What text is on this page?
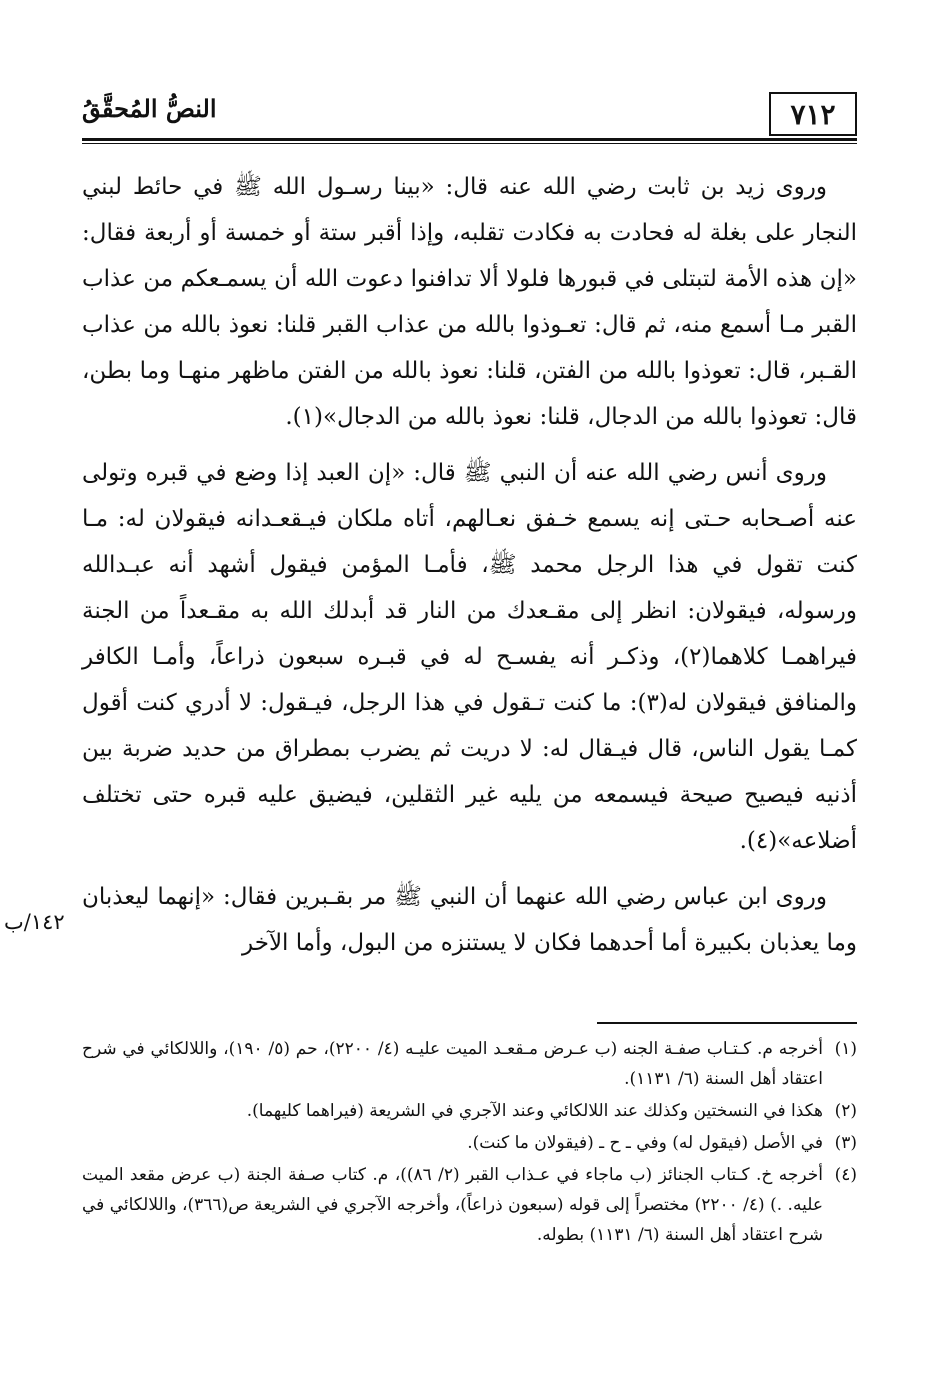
٧١٢
النصُّ المُحقَّقُ
١٤٢/ب

وروى زيد بن ثابت رضي الله عنه قال: «بينا رسـول الله ﷺ في حائط لبني النجار على بغلة له فحادت به فكادت تقلبه، وإذا أقبر ستة أو خمسة أو أربعة فقال: «إن هذه الأمة لتبتلى في قبورها فلولا ألا تدافنوا دعوت الله أن يسمـعكم من عذاب القبر مـا أسمع منه، ثم قال: تعـوذوا بالله من عذاب القبر قلنا: نعوذ بالله من عذاب القـبر، قال: تعوذوا بالله من الفتن، قلنا: نعوذ بالله من الفتن ماظهر منهـا وما بطن، قال: تعوذوا بالله من الدجال، قلنا: نعوذ بالله من الدجال»(١).

وروى أنس رضي الله عنه أن النبي ﷺ قال: «إن العبد إذا وضع في قبره وتولى عنه أصـحابه حـتى إنه يسمع خـفق نعـالهم، أتاه ملكان فيـقعـدانه فيقولان له: مـا كنت تقول في هذا الرجل محمد ﷺ، فأمـا المؤمن فيقول أشهد أنه عبـدالله ورسوله، فيقولان: انظر إلى مقـعدك من النار قد أبدلك الله به مقـعداً من الجنة فيراهمـا كلاهما(٢)، وذكـر أنه يفسـح له في قبـره سبعون ذراعاً، وأمـا الكافر والمنافق فيقولان له(٣): ما كنت تـقول في هذا الرجل، فيـقول: لا أدري كنت أقول كمـا يقول الناس، قال فيـقال له: لا دريت ثم يضرب بمطراق من حديد ضربة بين أذنيه فيصيح صيحة فيسمعه من يليه غير الثقلين، فيضيق عليه قبره حتى تختلف أضلاعه»(٤).

وروى ابن عباس رضي الله عنهما أن النبي ﷺ مر بقـبرين فقال: «إنهما ليعذبان وما يعذبان بكبيرة أما أحدهما فكان لا يستنزه من البول، وأما الآخر

(١)أخرجه م. كـتـاب صفـة الجنه (ب عـرض مـقعـد الميت عليـه (٤/ ٢٢٠٠)، حم (٥/ ١٩٠)، واللالكائي في شرح اعتقاد أهل السنة (٦/ ١١٣١).
(٢)هكذا في النسختين وكذلك عند اللالكائي وعند الآجري في الشريعة (فيراهما كليهما).
(٣)في الأصل (فيقول له) وفي ـ ح ـ (فيقولان ما كنت).
(٤)أخرجه خ. كـتاب الجنائز (ب ماجاء في عـذاب القبر (٢/ ٨٦))، م. كتاب صـفة الجنة (ب عرض مقعد الميت عليه. .) (٤/ ٢٢٠٠) مختصراً إلى قوله (سبعون ذراعاً)، وأخرجه الآجري في الشريعة ص(٣٦٦)، واللالكائي في شرح اعتقاد أهل السنة (٦/ ١١٣١) بطوله.
